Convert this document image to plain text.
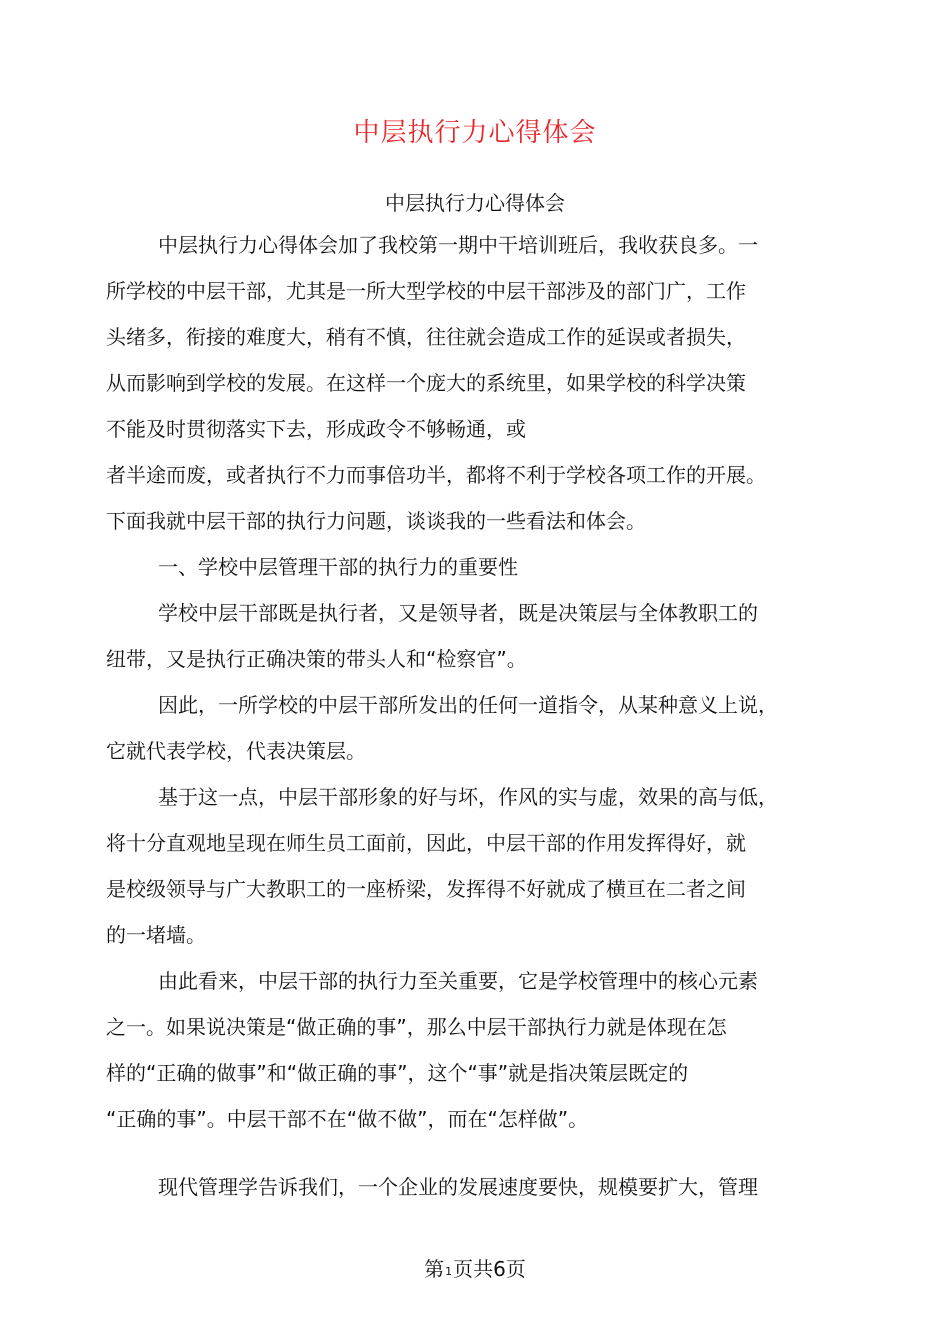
中层执行力心得体会
中层执行力心得体会
中层执行力心得体会加了我校第一期中干培训班后，我收获良多。一
所学校的中层干部，尤其是一所大型学校的中层干部涉及的部门广，工作
头绪多，衔接的难度大，稍有不慎，往往就会造成工作的延误或者损失，
从而影响到学校的发展。在这样一个庞大的系统里，如果学校的科学决策
不能及时贯彻落实下去，形成政令不够畅通，或
者半途而废，或者执行不力而事倍功半，都将不利于学校各项工作的开展。
下面我就中层干部的执行力问题，谈谈我的一些看法和体会。
一、学校中层管理干部的执行力的重要性
学校中层干部既是执行者，又是领导者，既是决策层与全体教职工的
纽带，又是执行正确决策的带头人和“检察官”。
因此，一所学校的中层干部所发出的任何一道指令，从某种意义上说，
它就代表学校，代表决策层。
基于这一点，中层干部形象的好与坏，作风的实与虚，效果的高与低，
将十分直观地呈现在师生员工面前，因此，中层干部的作用发挥得好，就
是校级领导与广大教职工的一座桥梁，发挥得不好就成了横亘在二者之间
的一堵墙。
由此看来，中层干部的执行力至关重要，它是学校管理中的核心元素
之一。如果说决策是“做正确的事”，那么中层干部执行力就是体现在怎
样的“正确的做事”和“做正确的事”，这个“事”就是指决策层既定的
“正确的事”。中层干部不在“做不做”，而在“怎样做”。
现代管理学告诉我们，一个企业的发展速度要快，规模要扩大，管理
第1页共6页
